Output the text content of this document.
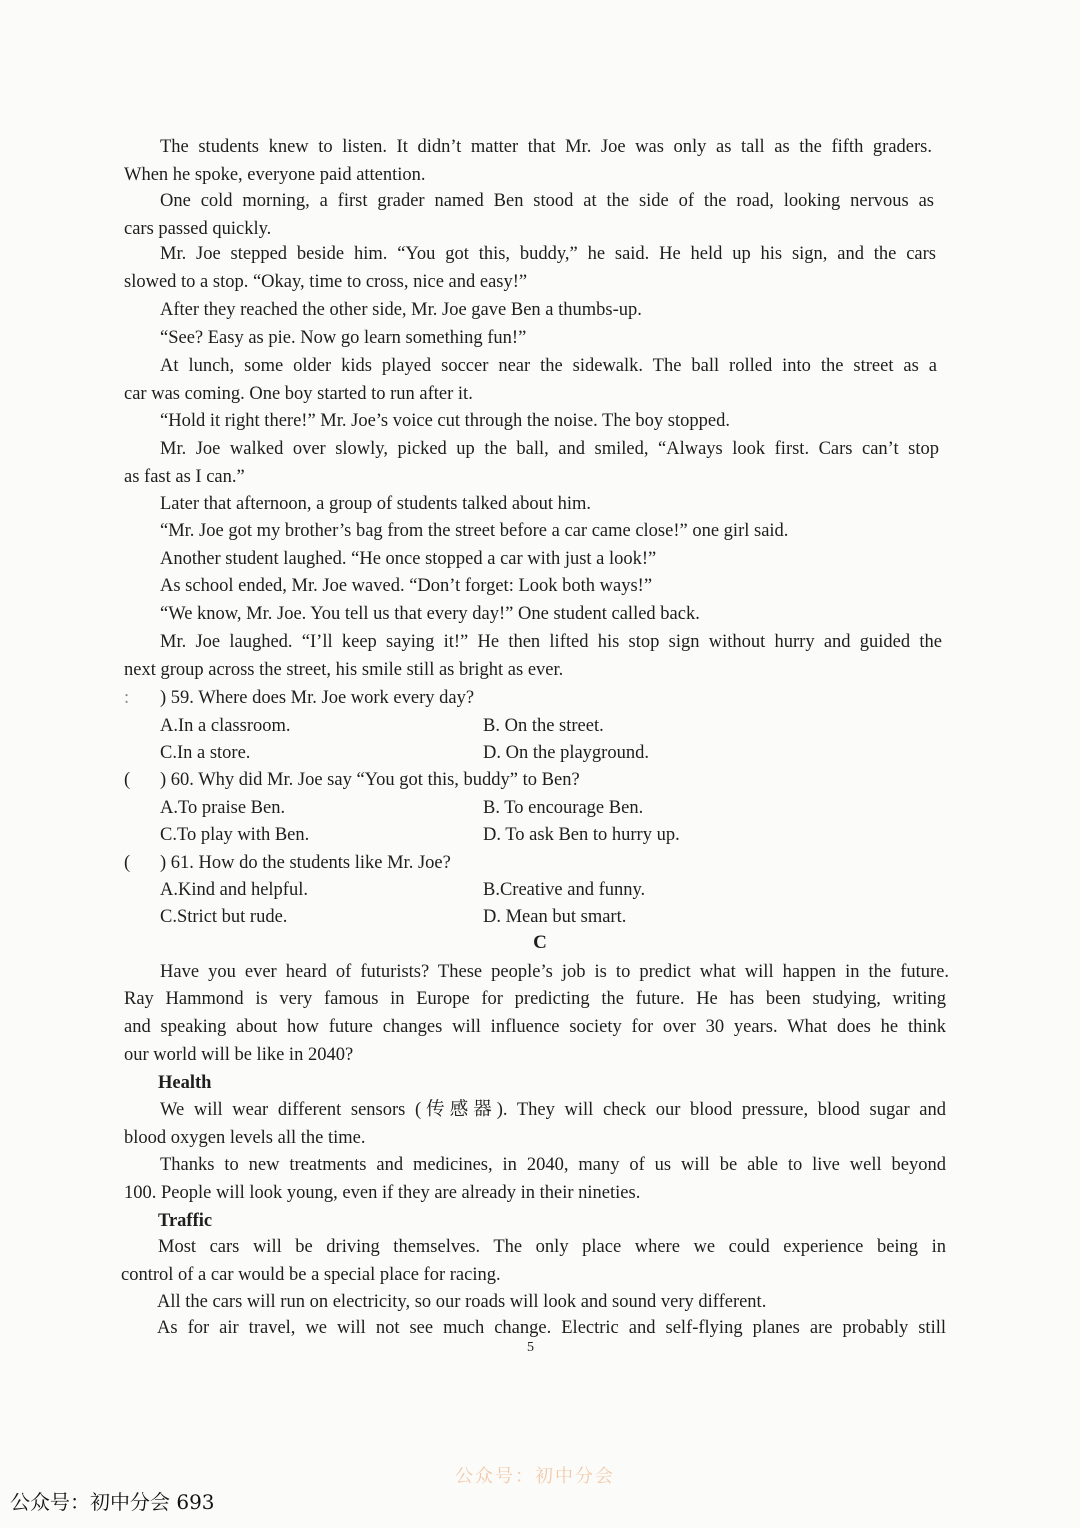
The students knew to listen. It didn’t matter that Mr. Joe was only as tall as the fifth graders.
When he spoke, everyone paid attention.
One cold morning, a first grader named Ben stood at the side of the road, looking nervous as
cars passed quickly.
Mr. Joe stepped beside him. “You got this, buddy,” he said. He held up his sign, and the cars
slowed to a stop. “Okay, time to cross, nice and easy!”
After they reached the other side, Mr. Joe gave Ben a thumbs-up.
“See? Easy as pie. Now go learn something fun!”
At lunch, some older kids played soccer near the sidewalk. The ball rolled into the street as a
car was coming. One boy started to run after it.
“Hold it right there!” Mr. Joe’s voice cut through the noise. The boy stopped.
Mr. Joe walked over slowly, picked up the ball, and smiled, “Always look first. Cars can’t stop
as fast as I can.”
Later that afternoon, a group of students talked about him.
“Mr. Joe got my brother’s bag from the street before a car came close!” one girl said.
Another student laughed. “He once stopped a car with just a look!”
As school ended, Mr. Joe waved. “Don’t forget: Look both ways!”
“We know, Mr. Joe. You tell us that every day!” One student called back.
Mr. Joe laughed. “I’ll keep saying it!” He then lifted his stop sign without hurry and guided the
next group across the street, his smile still as bright as ever.
: ) 59. Where does Mr. Joe work every day?
A.In a classroom.	B. On the street.
C.In a store.	D. On the playground.
( ) 60. Why did Mr. Joe say “You got this, buddy” to Ben?
A.To praise Ben.	B. To encourage Ben.
C.To play with Ben.	D. To ask Ben to hurry up.
( ) 61. How do the students like Mr. Joe?
A.Kind and helpful.	B.Creative and funny.
C.Strict but rude.	D. Mean but smart.
C
Have you ever heard of futurists? These people’s job is to predict what will happen in the future.
Ray Hammond is very famous in Europe for predicting the future. He has been studying, writing
and speaking about how future changes will influence society for over 30 years. What does he think
our world will be like in 2040?
Health
We will wear different sensors (传感器). They will check our blood pressure, blood sugar and
blood oxygen levels all the time.
Thanks to new treatments and medicines, in 2040, many of us will be able to live well beyond
100. People will look young, even if they are already in their nineties.
Traffic
Most cars will be driving themselves. The only place where we could experience being in
control of a car would be a special place for racing.
All the cars will run on electricity, so our roads will look and sound very different.
As for air travel, we will not see much change. Electric and self-flying planes are probably still
5
公众号：初中分会
公众号：初中分会 693
